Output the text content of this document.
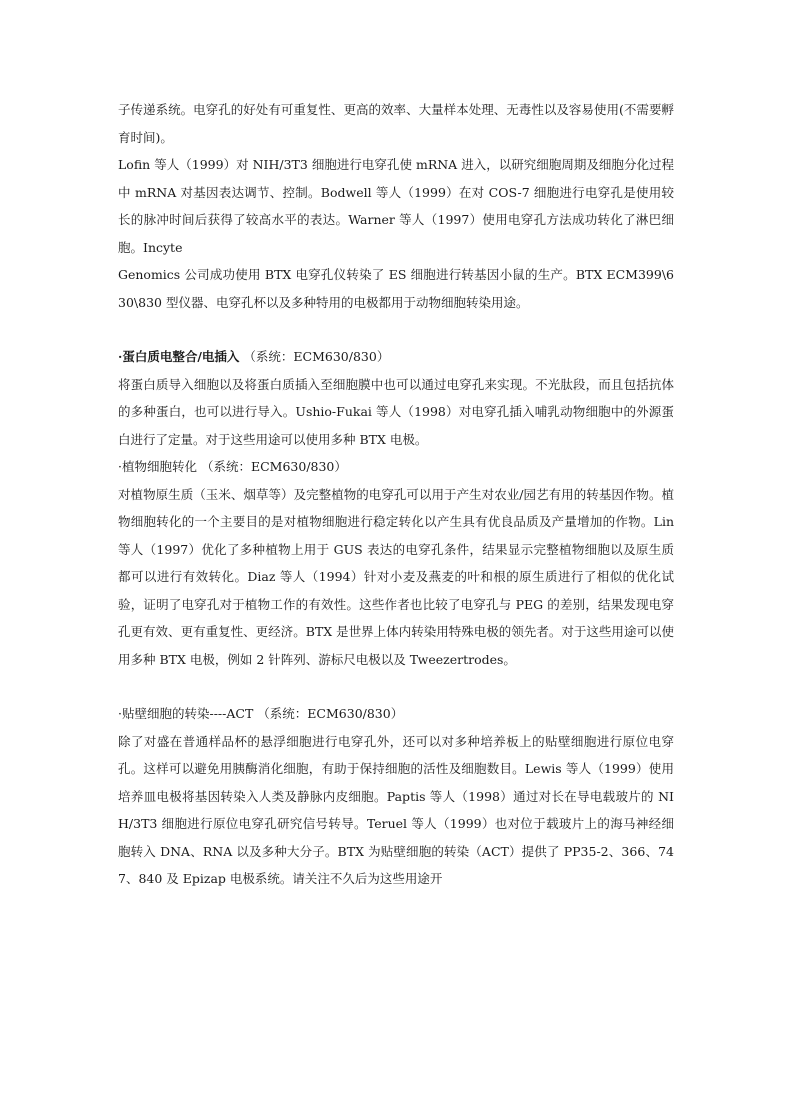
子传递系统。电穿孔的好处有可重复性、更高的效率、大量样本处理、无毒性以及容易使用(不需要孵育时间)。

Lofin 等人（1999）对 NIH/3T3 细胞进行电穿孔使 mRNA 进入，以研究细胞周期及细胞分化过程中 mRNA 对基因表达调节、控制。Bodwell 等人（1999）在对 COS-7 细胞进行电穿孔是使用较长的脉冲时间后获得了较高水平的表达。Warner 等人（1997）使用电穿孔方法成功转化了淋巴细胞。Incyte

Genomics 公司成功使用 BTX 电穿孔仪转染了 ES 细胞进行转基因小鼠的生产。BTX ECM399\630\830 型仪器、电穿孔杯以及多种特用的电极都用于动物细胞转染用途。

·蛋白质电整合/电插入 （系统：ECM630/830）

将蛋白质导入细胞以及将蛋白质插入至细胞膜中也可以通过电穿孔来实现。不光肽段，而且包括抗体的多种蛋白，也可以进行导入。Ushio-Fukai 等人（1998）对电穿孔插入哺乳动物细胞中的外源蛋白进行了定量。对于这些用途可以使用多种 BTX 电极。

·植物细胞转化 （系统：ECM630/830）

对植物原生质（玉米、烟草等）及完整植物的电穿孔可以用于产生对农业/园艺有用的转基因作物。植物细胞转化的一个主要目的是对植物细胞进行稳定转化以产生具有优良品质及产量增加的作物。Lin 等人（1997）优化了多种植物上用于 GUS 表达的电穿孔条件，结果显示完整植物细胞以及原生质都可以进行有效转化。Diaz 等人（1994）针对小麦及燕麦的叶和根的原生质进行了相似的优化试验，证明了电穿孔对于植物工作的有效性。这些作者也比较了电穿孔与 PEG 的差别，结果发现电穿孔更有效、更有重复性、更经济。BTX 是世界上体内转染用特殊电极的领先者。对于这些用途可以使用多种 BTX 电极，例如 2 针阵列、游标尺电极以及 Tweezertrodes。

·贴壁细胞的转染----ACT （系统：ECM630/830）

除了对盛在普通样品杯的悬浮细胞进行电穿孔外，还可以对多种培养板上的贴壁细胞进行原位电穿孔。这样可以避免用胰酶消化细胞，有助于保持细胞的活性及细胞数目。Lewis 等人（1999）使用培养皿电极将基因转染入人类及静脉内皮细胞。Paptis 等人（1998）通过对长在导电载玻片的 NIH/3T3 细胞进行原位电穿孔研究信号转导。Teruel 等人（1999）也对位于载玻片上的海马神经细胞转入 DNA、RNA 以及多种大分子。BTX 为贴壁细胞的转染（ACT）提供了 PP35-2、366、747、840 及 Epizap 电极系统。请关注不久后为这些用途开
